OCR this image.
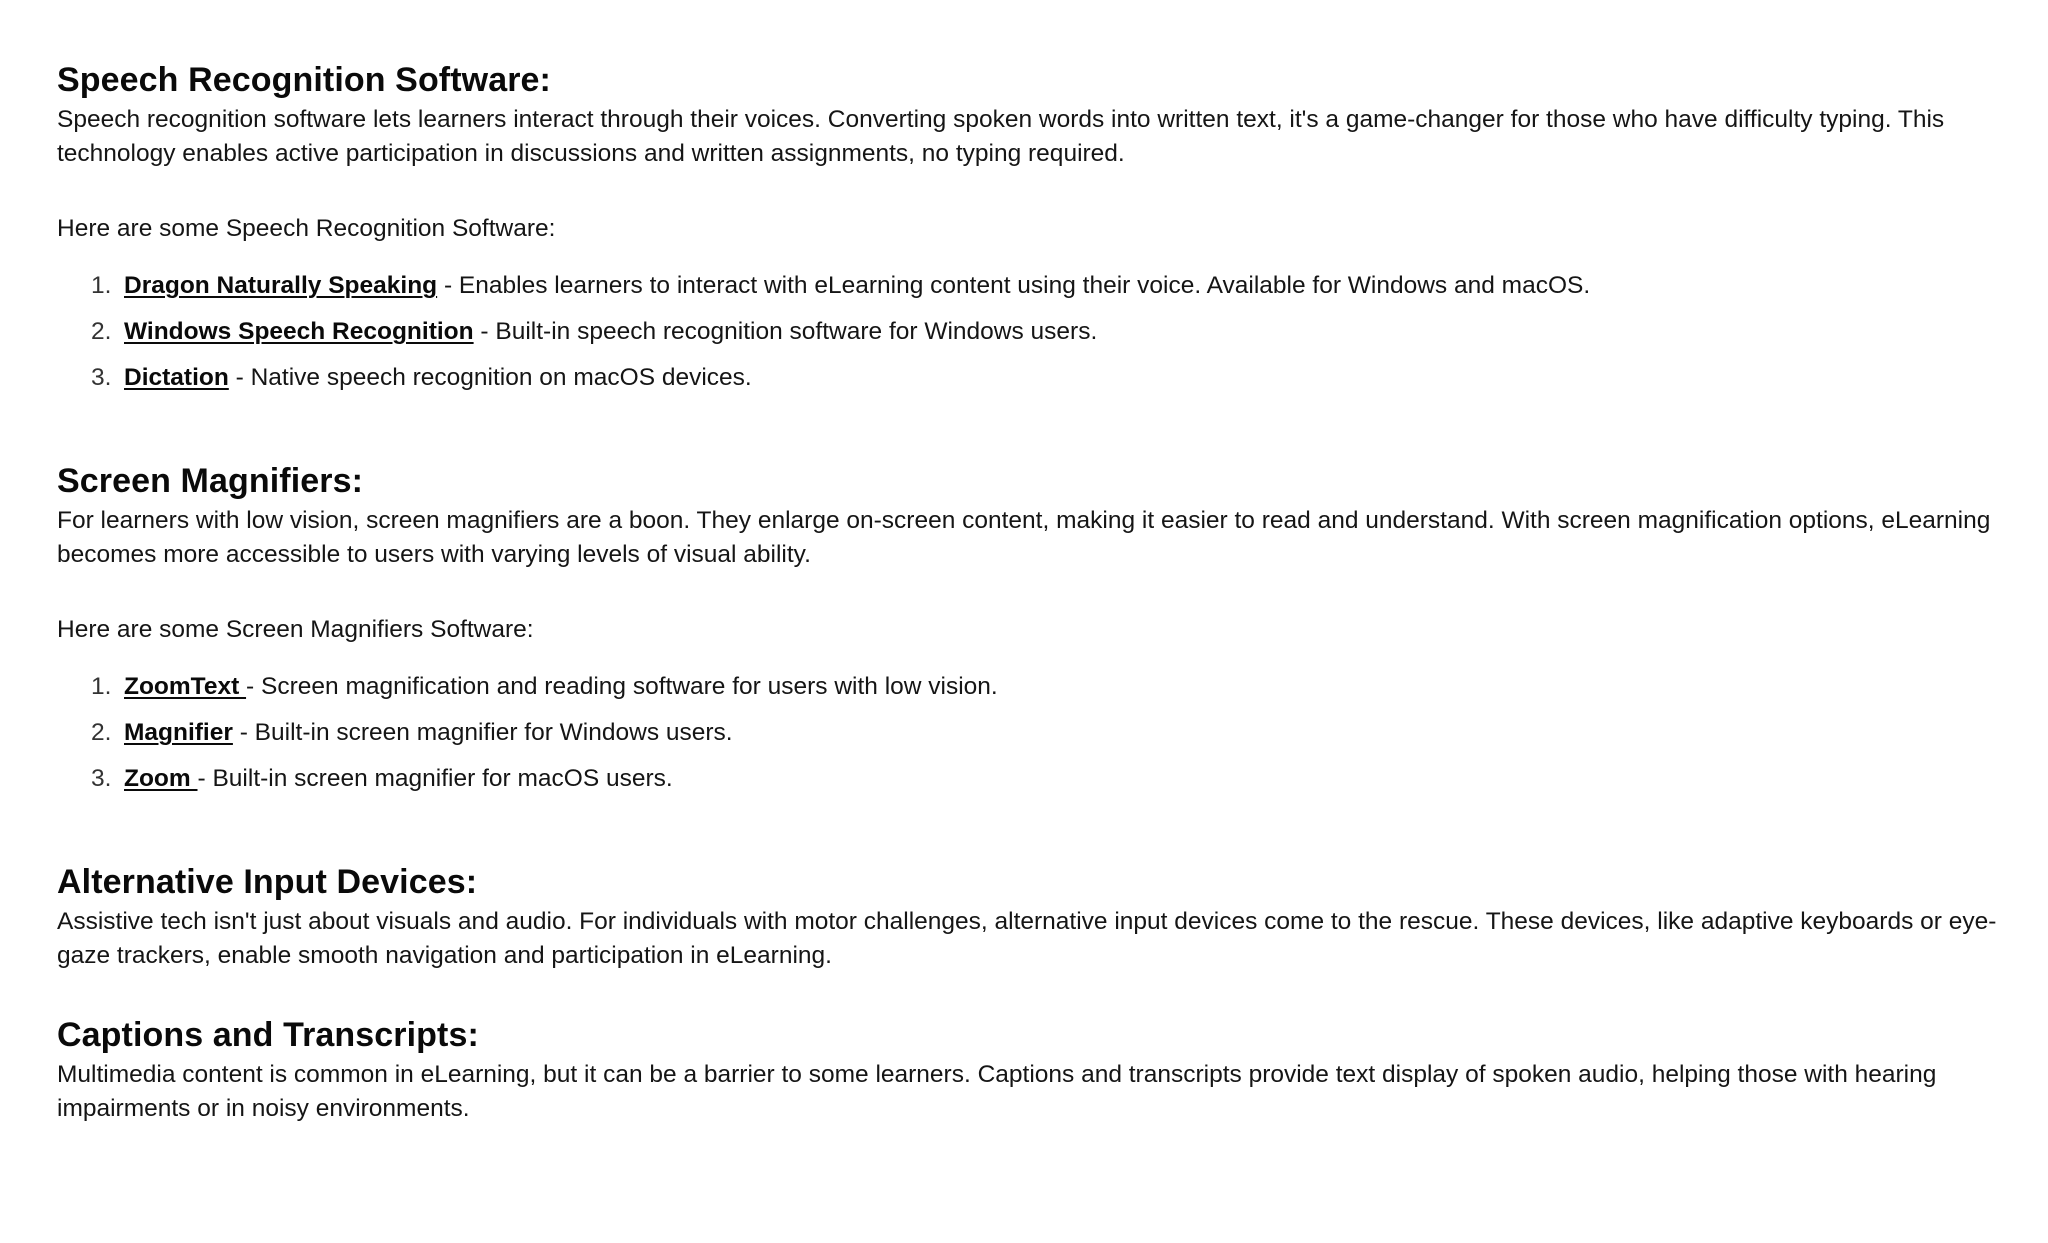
Speech Recognition Software:

Speech recognition software lets learners interact through their voices. Converting spoken words into written text, it's a game-changer for those who have difficulty typing. This technology enables active participation in discussions and written assignments, no typing required.

Here are some Speech Recognition Software:

1. Dragon Naturally Speaking - Enables learners to interact with eLearning content using their voice. Available for Windows and macOS.
2. Windows Speech Recognition - Built-in speech recognition software for Windows users.
3. Dictation - Native speech recognition on macOS devices.
Screen Magnifiers:

For learners with low vision, screen magnifiers are a boon. They enlarge on-screen content, making it easier to read and understand. With screen magnification options, eLearning becomes more accessible to users with varying levels of visual ability.

Here are some Screen Magnifiers Software:

1. ZoomText - Screen magnification and reading software for users with low vision.
2. Magnifier - Built-in screen magnifier for Windows users.
3. Zoom - Built-in screen magnifier for macOS users.
Alternative Input Devices:

Assistive tech isn't just about visuals and audio. For individuals with motor challenges, alternative input devices come to the rescue. These devices, like adaptive keyboards or eye-gaze trackers, enable smooth navigation and participation in eLearning.

Captions and Transcripts:

Multimedia content is common in eLearning, but it can be a barrier to some learners. Captions and transcripts provide text display of spoken audio, helping those with hearing impairments or in noisy environments.
